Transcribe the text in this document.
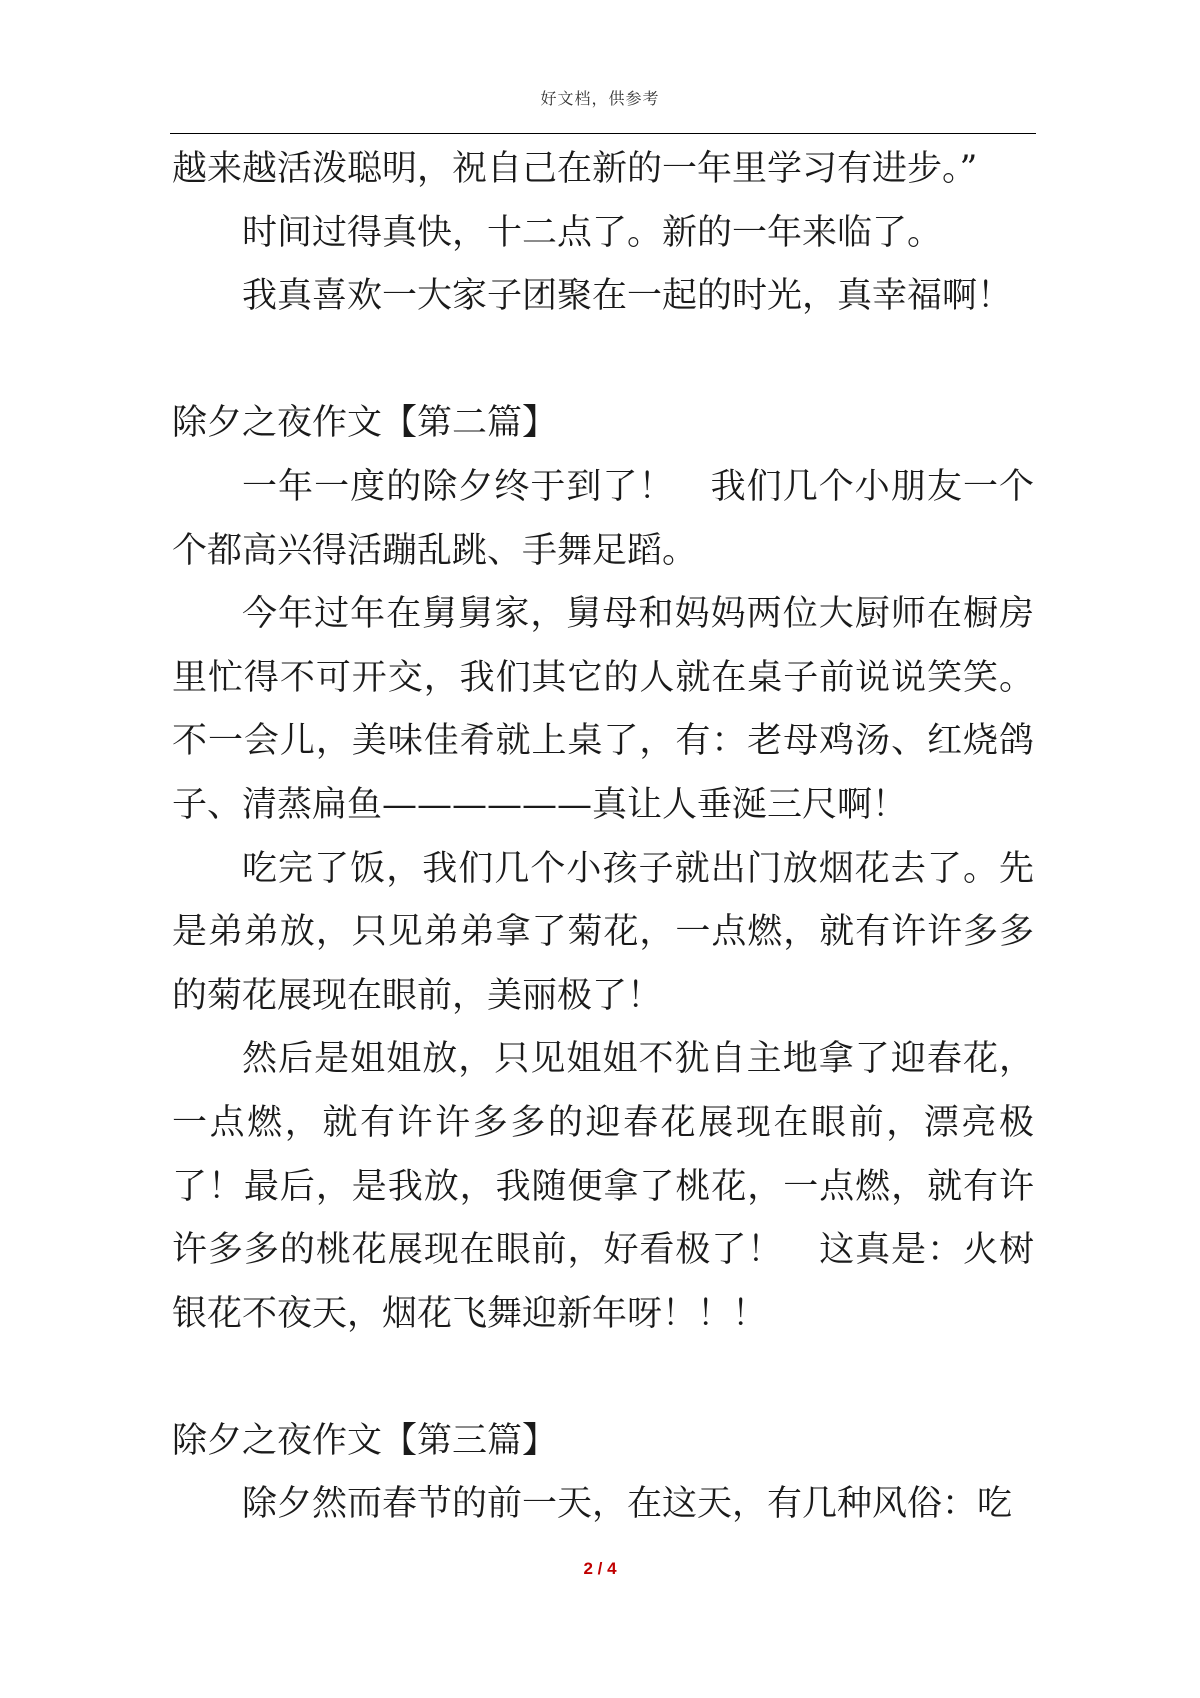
好文档，供参考

越来越活泼聪明，祝自己在新的一年里学习有进步。”

时间过得真快，十二点了。新的一年来临了。

我真喜欢一大家子团聚在一起的时光，真幸福啊！

除夕之夜作文【第二篇】

一年一度的除夕终于到了！　我们几个小朋友一个个都高兴得活蹦乱跳、手舞足蹈。

今年过年在舅舅家，舅母和妈妈两位大厨师在橱房里忙得不可开交，我们其它的人就在桌子前说说笑笑。不一会儿，美味佳肴就上桌了，有：老母鸡汤、红烧鸽子、清蒸扁鱼——————真让人垂涎三尺啊！

吃完了饭，我们几个小孩子就出门放烟花去了。先是弟弟放，只见弟弟拿了菊花，一点燃，就有许许多多的菊花展现在眼前，美丽极了！

然后是姐姐放，只见姐姐不犹自主地拿了迎春花，一点燃，就有许许多多的迎春花展现在眼前，漂亮极了！最后，是我放，我随便拿了桃花，一点燃，就有许许多多的桃花展现在眼前，好看极了！　这真是：火树银花不夜天，烟花飞舞迎新年呀！！！

除夕之夜作文【第三篇】

除夕然而春节的前一天，在这天，有几种风俗：吃

2 / 4
